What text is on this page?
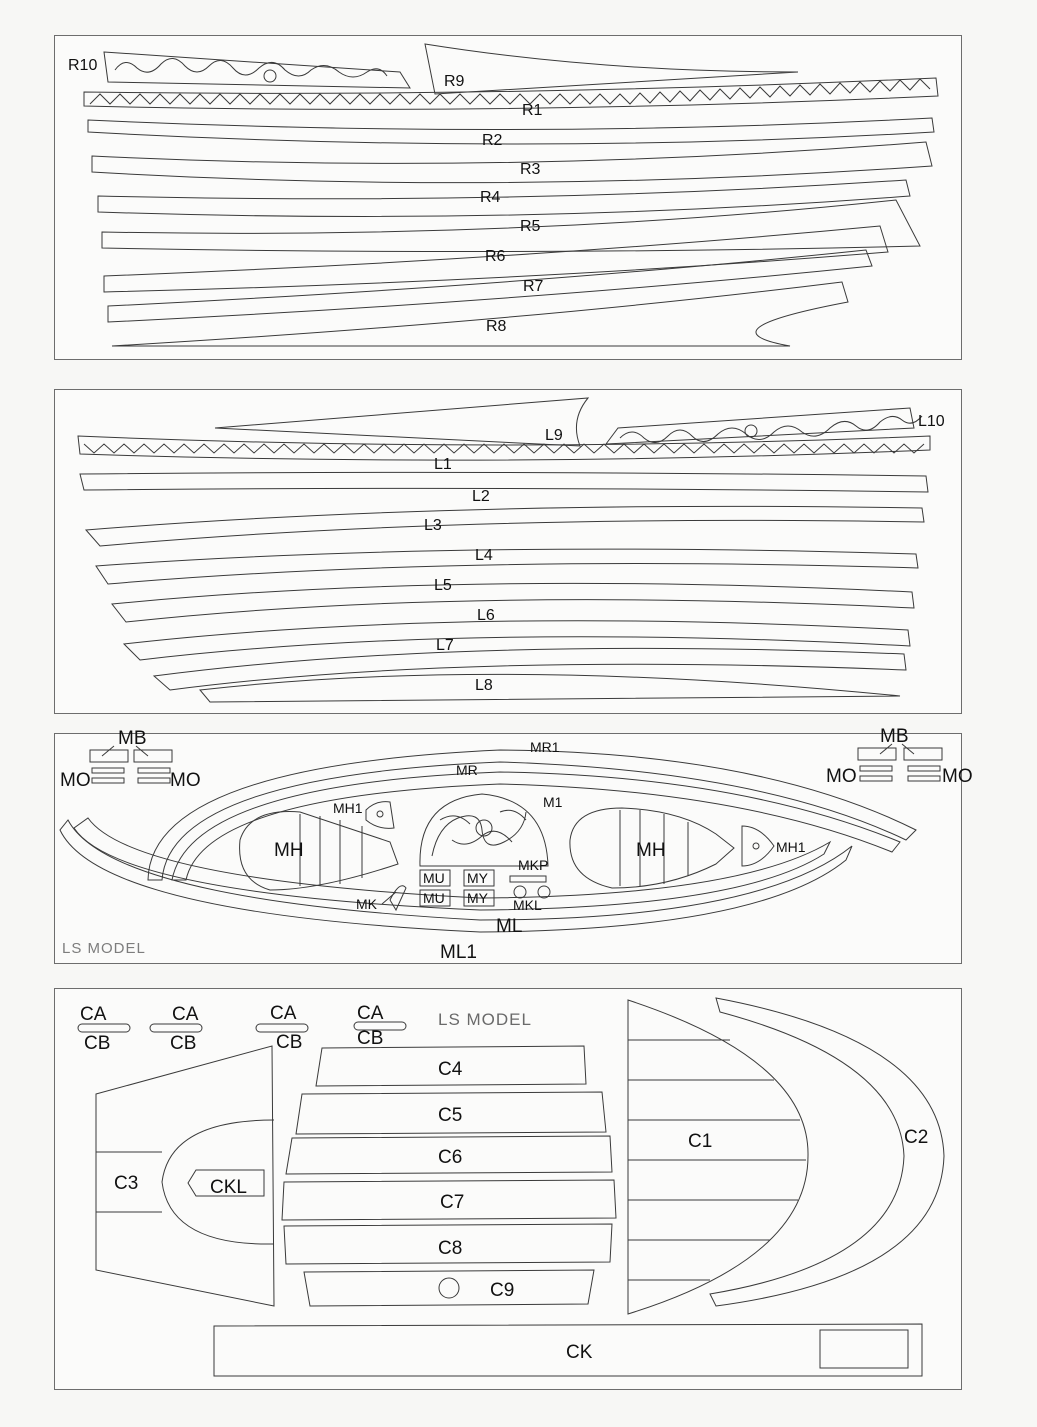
R10
R9
R1
R2
R3
R4
R5
R6
R7
R8
L9
L10
L1
L2
L3
L4
L5
L6
L7
L8
MB
MO	MO
MB
MO	MO
MR1
MR
M1
MH1
MH1
MH	MH
MKP
MU
MU
MY
MY
MK	MKL
ML
ML1
LS MODEL
LS MODEL
CA
CB
CA
CB
CA
CB
CA
CB
C4
C5
C6
C7
C8
C9
C1	C2
C3	CKL
CK
